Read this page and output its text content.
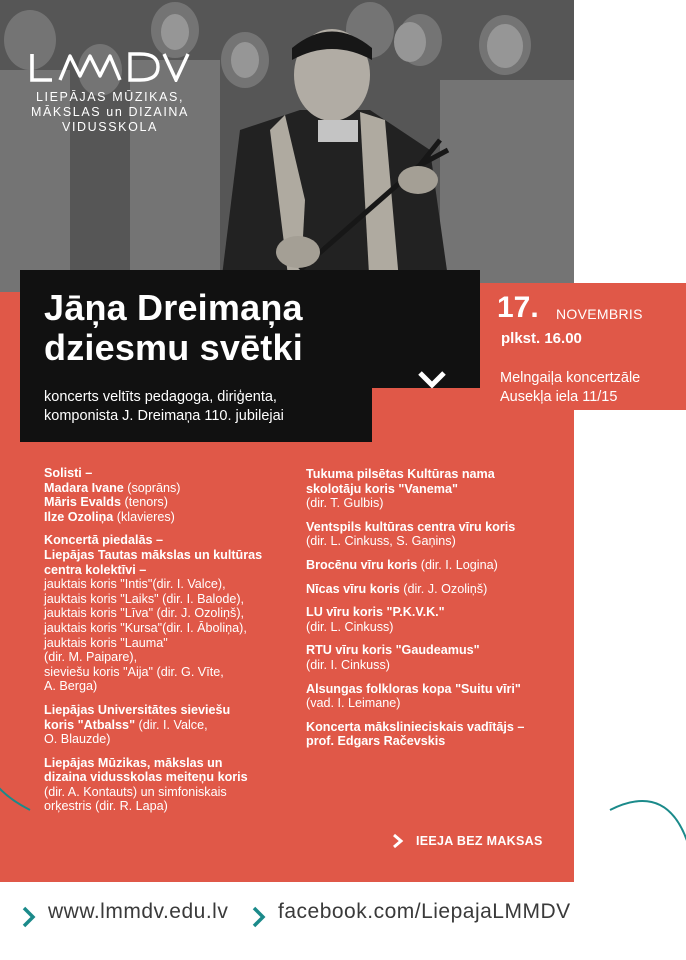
LIEPĀJAS MŪZIKAS,
MĀKSLAS un DIZAINA
VIDUSSKOLA
Jāņa Dreimaņa
dziesmu svētki
koncerts veltīts pedagoga, diriģenta,
komponista J. Dreimaņa 110. jubilejai
17. NOVEMBRIS
plkst. 16.00
Melngaiļa koncertzāle
Ausekļa iela 11/15
Solisti –
Madara Ivane (soprāns)
Māris Evalds (tenors)
Ilze Ozoliņa (klavieres)
Koncertā piedalās –
Liepājas Tautas mākslas un kultūras
centra kolektīvi –
jauktais koris "Intis"(dir. I. Valce),
jauktais koris "Laiks" (dir. I. Balode),
jauktais koris "Līva" (dir. J. Ozoliņš),
jauktais koris "Kursa"(dir. I. Āboliņa),
jauktais koris "Lauma"
(dir. M. Paipare),
sieviešu koris "Aija" (dir. G. Vīte,
A. Berga)
Liepājas Universitātes sieviešu
koris "Atbalss" (dir. I. Valce,
O. Blauzde)
Liepājas Mūzikas, mākslas un
dizaina vidusskolas meiteņu koris
(dir. A. Kontauts) un simfoniskais
orķestris (dir. R. Lapa)
Tukuma pilsētas Kultūras nama
skolotāju koris "Vanema"
(dir. T. Gulbis)
Ventspils kultūras centra vīru koris
(dir. L. Cinkuss, S. Gaņins)
Brocēnu vīru koris (dir. I. Logina)
Nīcas vīru koris (dir. J. Ozoliņš)
LU vīru koris "P.K.V.K."
(dir. L. Cinkuss)
RTU vīru koris "Gaudeamus"
(dir. I. Cinkuss)
Alsungas folkloras kopa "Suitu vīri"
(vad. I. Leimane)
Koncerta mākslinieciskais vadītājs –
prof. Edgars Račevskis
IEEJA BEZ MAKSAS
www.lmmdv.edu.lv facebook.com/LiepajaLMMDV
